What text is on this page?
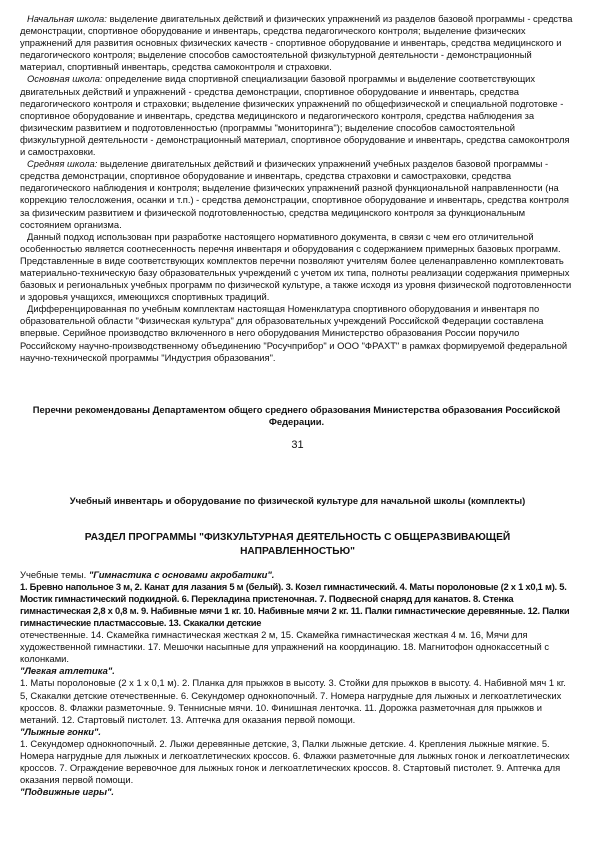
Начальная школа: выделение двигательных действий и физических упражнений из разделов базовой программы - средства демонстрации, спортивное оборудование и инвентарь, средства педагогического контроля; выделение физических упражнений для развития основных физических качеств - спортивное оборудование и инвентарь, средства медицинского и педагогического контроля; выделение способов самостоятельной физкультурной деятельности - демонстрационный материал, спортивный инвентарь, средства самоконтроля и страховки.

Основная школа: определение вида спортивной специализации базовой программы и выделение соответствующих двигательных действий и упражнений - средства демонстрации, спортивное оборудование и инвентарь, средства педагогического контроля и страховки; выделение физических упражнений по общефизической и специальной подготовке - спортивное оборудование и инвентарь, средства медицинского и педагогического контроля, средства наблюдения за физическим развитием и подготовленностью (программы "мониторинга"); выделение способов самостоятельной физкультурной деятельности - демонстрационный материал, спортивное оборудование и инвентарь, средства самоконтроля и самостраховки.

Средняя школа: выделение двигательных действий и физических упражнений учебных разделов базовой программы - средства демонстрации, спортивное оборудование и инвентарь, средства страховки и самостраховки, средства педагогического наблюдения и контроля; выделение физических упражнений разной функциональной направленности (на коррекцию телосложения, осанки и т.п.) - средства демонстрации, спортивное оборудование и инвентарь, средства контроля за физическим развитием и физической подготовленностью, средства медицинского контроля за функциональным состоянием организма.

Данный подход использован при разработке настоящего нормативного документа, в связи с чем его отличительной особенностью является соотнесенность перечня инвентаря и оборудования с содержанием примерных базовых программ. Представленные в виде соответствующих комплектов перечни позволяют учителям более целенаправленно комплектовать материально-техническую базу образовательных учреждений с учетом их типа, полноты реализации содержания примерных базовых и региональных учебных программ по физической культуре, а также исходя из уровня физической подготовленности и здоровья учащихся, имеющихся спортивных традиций.

Дифференцированная по учебным комплектам настоящая Номенклатура спортивного оборудования и инвентаря по образовательной области "Физическая культура" для образовательных учреждений Российской Федерации составлена впервые. Серийное производство включенного в него оборудования Министерство образования России поручило Российскому научно-производственному объединению "Росучприбор" и ООО "ФРАХТ" в рамках формируемой федеральной научно-технической программы "Индустрия образования".

Перечни рекомендованы Департаментом общего среднего образования Министерства образования Российской Федерации.

31

Учебный инвентарь и оборудование по физической культуре для начальной школы (комплекты)

РАЗДЕЛ ПРОГРАММЫ "ФИЗКУЛЬТУРНАЯ ДЕЯТЕЛЬНОСТЬ С ОБЩЕРАЗВИВАЮЩЕЙ НАПРАВЛЕННОСТЬЮ"

Учебные темы. "Гимнастика с основами акробатики".

1. Бревно напольное 3 м, 2. Канат для лазания 5 м (белый). 3. Козел гимнастический. 4. Маты поролоновые (2 х 1 х0,1 м). 5. Мостик гимнастический подкидной. 6. Перекладина пристеночная. 7. Подвесной снаряд для канатов. 8. Стенка гимнастическая 2,8 х 0,8 м. 9. Набивные мячи 1 кг. 10. Набивные мячи 2 кг. 11. Палки гимнастические деревянные. 12. Палки гимнастические пластмассовые. 13. Скакалки детские

отечественные. 14. Скамейка гимнастическая жесткая 2 м, 15. Скамейка гимнастическая жесткая 4 м. 16, Мячи для художественной гимнастики. 17. Мешочки насыпные для упражнений на координацию. 18. Магнитофон однокассетный с колонками.

"Легкая атлетика".

1. Маты поролоновые (2 х 1 х 0,1 м). 2. Планка для прыжков в высоту. 3. Стойки для прыжков в высоту. 4. Набивной мяч 1 кг. 5, Скакалки детские отечественные. 6. Секундомер однокнопочный. 7. Номера нагрудные для лыжных и легкоатлетических кроссов. 8. Флажки разметочные. 9. Теннисные мячи. 10. Финишная ленточка. 11. Дорожка разметочная для прыжков и метаний. 12. Стартовый пистолет. 13. Аптечка для оказания первой помощи.

"Лыжные гонки".

1. Секундомер однокнопочный. 2. Лыжи деревянные детские, 3, Палки лыжные детские. 4. Крепления лыжные мягкие. 5. Номера нагрудные для лыжных и легкоатлетических кроссов. 6. Флажки разметочные для лыжных гонок и легкоатлетических кроссов. 7. Ограждение веревочное для лыжных гонок и легкоатлетических кроссов. 8. Стартовый пистолет. 9. Аптечка для оказания первой помощи.

"Подвижные игры".
